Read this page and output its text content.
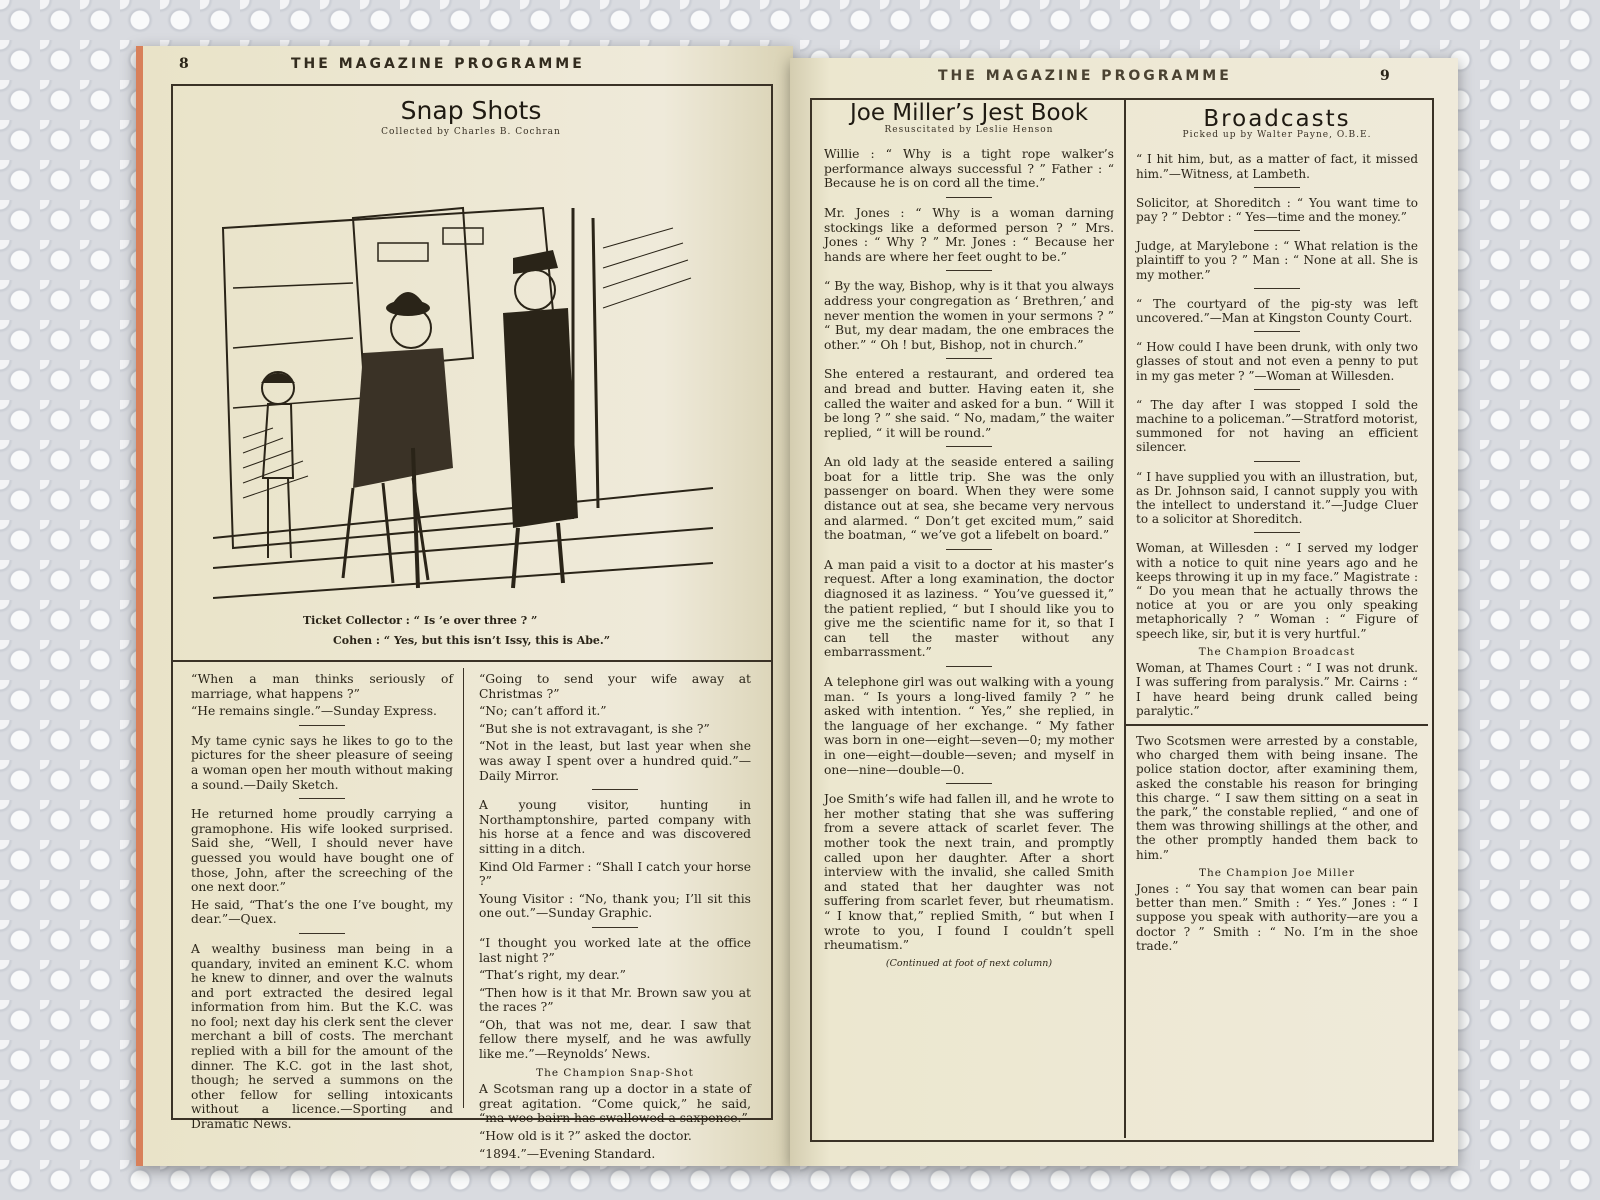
8	THE MAGAZINE PROGRAMME
Snap Shots
Collected by Charles B. Cochran
Ticket Collector : “ Is ’e over three ? ”
Cohen : “ Yes, but this isn’t Issy, this is Abe.”

“When a man thinks seriously of marriage, what happens ?”

“He remains single.”—Sunday Express.

My tame cynic says he likes to go to the pictures for the sheer pleasure of seeing a woman open her mouth without making a sound.—Daily Sketch.

He returned home proudly carrying a gramophone. His wife looked surprised. Said she, “Well, I should never have guessed you would have bought one of those, John, after the screeching of the one next door.”

He said, “That’s the one I’ve bought, my dear.”—Quex.

A wealthy business man being in a quandary, invited an eminent K.C. whom he knew to dinner, and over the walnuts and port extracted the desired legal information from him. But the K.C. was no fool; next day his clerk sent the clever merchant a bill of costs. The merchant replied with a bill for the amount of the dinner. The K.C. got in the last shot, though; he served a summons on the other fellow for selling intoxicants without a licence.—Sporting and Dramatic News.

“Going to send your wife away at Christmas ?”

“No; can’t afford it.”

“But she is not extravagant, is she ?”

“Not in the least, but last year when she was away I spent over a hundred quid.”—Daily Mirror.

A young visitor, hunting in Northamptonshire, parted company with his horse at a fence and was discovered sitting in a ditch.

Kind Old Farmer : “Shall I catch your horse ?”

Young Visitor : “No, thank you; I’ll sit this one out.”—Sunday Graphic.

“I thought you worked late at the office last night ?”

“That’s right, my dear.”

“Then how is it that Mr. Brown saw you at the races ?”

“Oh, that was not me, dear. I saw that fellow there myself, and he was awfully like me.”—Reynolds’ News.

The Champion Snap-Shot

A Scotsman rang up a doctor in a state of great agitation. “Come quick,” he said, “ma wee bairn has swallowed a saxpence.”

“How old is it ?” asked the doctor.

“1894.”—Evening Standard.

THE MAGAZINE PROGRAMME	9
Joe Miller’s Jest Book
Resuscitated by Leslie Henson

Willie : “ Why is a tight rope walker’s performance always successful ? ” Father : “ Because he is on cord all the time.”

Mr. Jones : “ Why is a woman darning stockings like a deformed person ? ” Mrs. Jones : “ Why ? ” Mr. Jones : “ Because her hands are where her feet ought to be.”

“ By the way, Bishop, why is it that you always address your congregation as ‘ Brethren,’ and never mention the women in your sermons ? ” “ But, my dear madam, the one embraces the other.” “ Oh ! but, Bishop, not in church.”

She entered a restaurant, and ordered tea and bread and butter. Having eaten it, she called the waiter and asked for a bun. “ Will it be long ? ” she said. “ No, madam,” the waiter replied, “ it will be round.”

An old lady at the seaside entered a sailing boat for a little trip. She was the only passenger on board. When they were some distance out at sea, she became very nervous and alarmed. “ Don’t get excited mum,” said the boatman, “ we’ve got a lifebelt on board.”

A man paid a visit to a doctor at his master’s request. After a long examination, the doctor diagnosed it as laziness. “ You’ve guessed it,” the patient replied, “ but I should like you to give me the scientific name for it, so that I can tell the master without any embarrassment.”

A telephone girl was out walking with a young man. “ Is yours a long-lived family ? ” he asked with intention. “ Yes,” she replied, in the language of her exchange. “ My father was born in one—eight—seven—0; my mother in one—eight—double—seven; and myself in one—nine—double—0.

Joe Smith’s wife had fallen ill, and he wrote to her mother stating that she was suffering from a severe attack of scarlet fever. The mother took the next train, and promptly called upon her daughter. After a short interview with the invalid, she called Smith and stated that her daughter was not suffering from scarlet fever, but rheumatism. “ I know that,” replied Smith, “ but when I wrote to you, I found I couldn’t spell rheumatism.”

(Continued at foot of next column)
Broadcasts
Picked up by Walter Payne, O.B.E.

“ I hit him, but, as a matter of fact, it missed him.”—Witness, at Lambeth.

Solicitor, at Shoreditch : “ You want time to pay ? ” Debtor : “ Yes—time and the money.”

Judge, at Marylebone : “ What relation is the plaintiff to you ? ” Man : “ None at all. She is my mother.”

“ The courtyard of the pig-sty was left uncovered.”—Man at Kingston County Court.

“ How could I have been drunk, with only two glasses of stout and not even a penny to put in my gas meter ? ”—Woman at Willesden.

“ The day after I was stopped I sold the machine to a policeman.”—Stratford motorist, summoned for not having an efficient silencer.

“ I have supplied you with an illustration, but, as Dr. Johnson said, I cannot supply you with the intellect to understand it.”—Judge Cluer to a solicitor at Shoreditch.

Woman, at Willesden : “ I served my lodger with a notice to quit nine years ago and he keeps throwing it up in my face.” Magistrate : “ Do you mean that he actually throws the notice at you or are you only speaking metaphorically ? ” Woman : “ Figure of speech like, sir, but it is very hurtful.”

The Champion Broadcast

Woman, at Thames Court : “ I was not drunk. I was suffering from paralysis.” Mr. Cairns : “ I have heard being drunk called being paralytic.”

Two Scotsmen were arrested by a constable, who charged them with being insane. The police station doctor, after examining them, asked the constable his reason for bringing this charge. “ I saw them sitting on a seat in the park,” the constable replied, “ and one of them was throwing shillings at the other, and the other promptly handed them back to him.”

The Champion Joe Miller

Jones : “ You say that women can bear pain better than men.” Smith : “ Yes.” Jones : “ I suppose you speak with authority—are you a doctor ? ” Smith : “ No. I’m in the shoe trade.”
